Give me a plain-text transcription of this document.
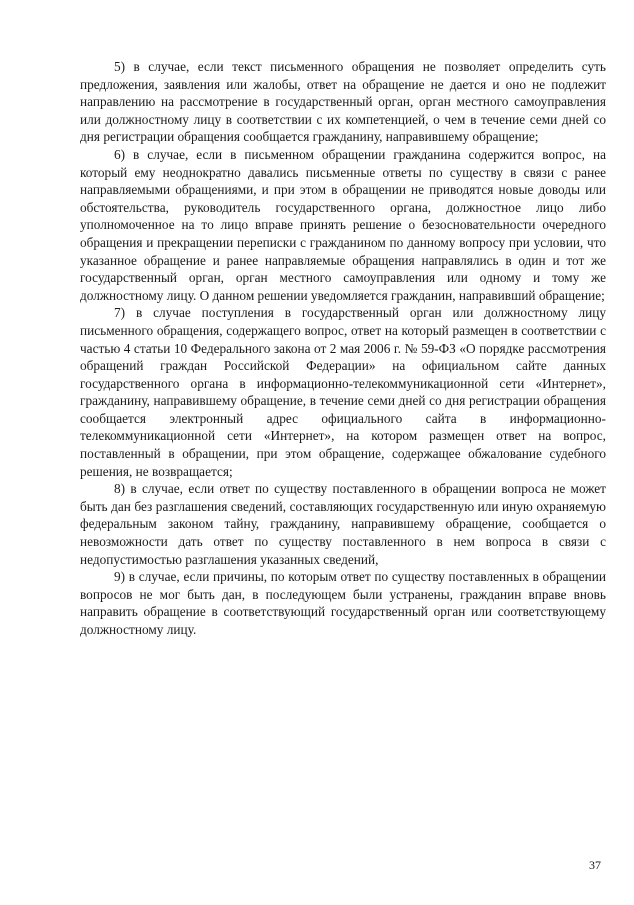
5) в случае, если текст письменного обращения не позволяет определить суть предложения, заявления или жалобы, ответ на обращение не дается и оно не подлежит направлению на рассмотрение в государственный орган, орган местного самоуправления или должностному лицу в соответствии с их компетенцией, о чем в течение семи дней со дня регистрации обращения сообщается гражданину, направившему обращение;

6) в случае, если в письменном обращении гражданина содержится вопрос, на который ему неоднократно давались письменные ответы по существу в связи с ранее направляемыми обращениями, и при этом в обращении не приводятся новые доводы или обстоятельства, руководитель государственного органа, должностное лицо либо уполномоченное на то лицо вправе принять решение о безосновательности очередного обращения и прекращении переписки с гражданином по данному вопросу при условии, что указанное обращение и ранее направляемые обращения направлялись в один и тот же государственный орган, орган местного самоуправления или одному и тому же должностному лицу. О данном решении уведомляется гражданин, направивший обращение;

7) в случае поступления в государственный орган или должностному лицу письменного обращения, содержащего вопрос, ответ на который размещен в соответствии с частью 4 статьи 10 Федерального закона от 2 мая 2006 г. № 59-ФЗ «О порядке рассмотрения обращений граждан Российской Федерации» на официальном сайте данных государственного органа в информационно-телекоммуникационной сети «Интернет», гражданину, направившему обращение, в течение семи дней со дня регистрации обращения сообщается электронный адрес официального сайта в информационно-телекоммуникационной сети «Интернет», на котором размещен ответ на вопрос, поставленный в обращении, при этом обращение, содержащее обжалование судебного решения, не возвращается;

8) в случае, если ответ по существу поставленного в обращении вопроса не может быть дан без разглашения сведений, составляющих государственную или иную охраняемую федеральным законом тайну, гражданину, направившему обращение, сообщается о невозможности дать ответ по существу поставленного в нем вопроса в связи с недопустимостью разглашения указанных сведений,

9) в случае, если причины, по которым ответ по существу поставленных в обращении вопросов не мог быть дан, в последующем были устранены, гражданин вправе вновь направить обращение в соответствующий государственный орган или соответствующему должностному лицу.

37
